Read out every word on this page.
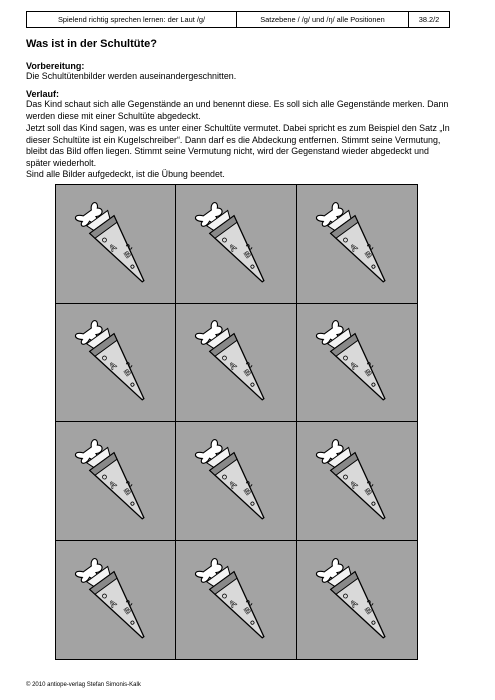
Spielend richtig sprechen lernen: der Laut /g/	Satzebene / /g/ und /ŋ/ alle Positionen	38.2/2
Was ist in der Schultüte?
Vorbereitung:
Die Schultütenbilder werden auseinandergeschnitten.
Verlauf:
Das Kind schaut sich alle Gegenstände an und benennt diese. Es soll sich alle Gegenstände merken. Dann werden diese mit einer Schultüte abgedeckt.
Jetzt soll das Kind sagen, was es unter einer Schultüte vermutet. Dabei spricht es zum Beispiel den Satz „In dieser Schultüte ist ein Kugelschreiber“. Dann darf es die Abdeckung entfernen. Stimmt seine Vermutung, bleibt das Bild offen liegen. Stimmt seine Vermutung nicht, wird der Gegenstand wieder abgedeckt und später wiederholt.
Sind alle Bilder aufgedeckt, ist die Übung beendet.
A
B
A
B
A
B
A
B
A
B
A
B
A
B
A
B
A
B
A
B
A
B
A
B
© 2010 antiope-verlag Stefan Simonis-Kalk
